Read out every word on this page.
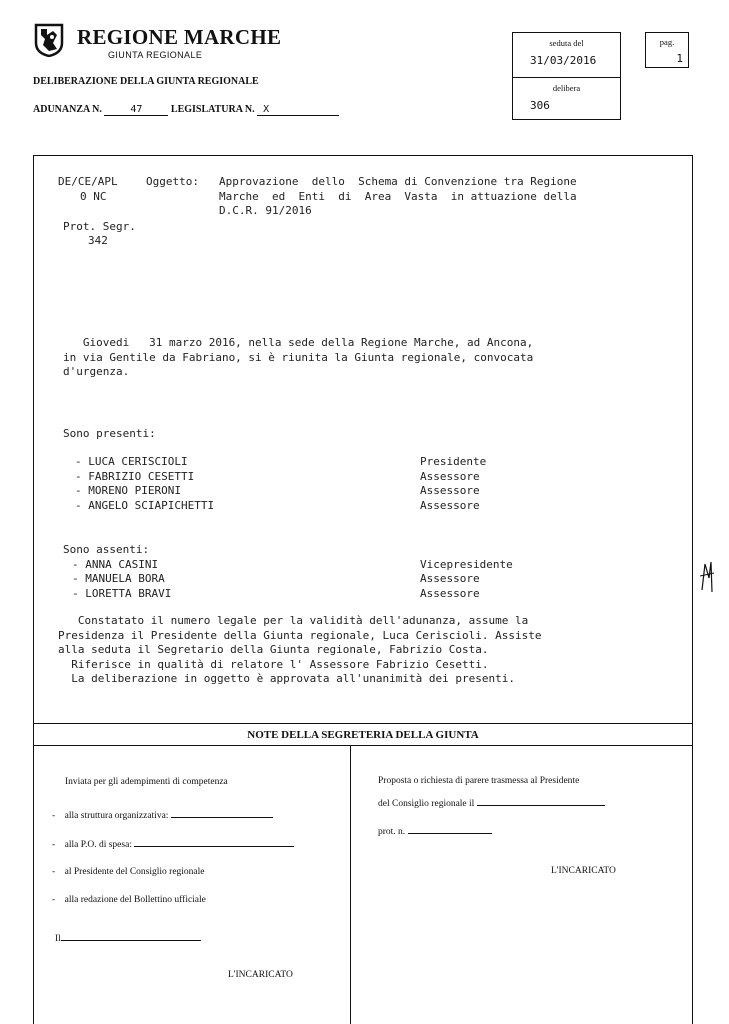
REGIONE MARCHE
GIUNTA REGIONALE
DELIBERAZIONE DELLA GIUNTA REGIONALE
ADUNANZA N.	47	LEGISLATURA N. X
seduta del
31/03/2016
delibera
306
pag.
1
DE/CE/APL
0 NC
Oggetto: Approvazione  dello  Schema di Convenzione tra Regione
Marche  ed  Enti  di  Area  Vasta  in attuazione della
D.C.R. 91/2016
Prot. Segr.
342
Giovedi   31 marzo 2016, nella sede della Regione Marche, ad Ancona,
in via Gentile da Fabriano, si è riunita la Giunta regionale, convocata
d'urgenza.
Sono presenti:
- LUCA CERISCIOLI	Presidente
- FABRIZIO CESETTI	Assessore
- MORENO PIERONI	Assessore
- ANGELO SCIAPICHETTI	Assessore
Sono assenti:
- ANNA CASINI	Vicepresidente
- MANUELA BORA	Assessore
- LORETTA BRAVI	Assessore
Constatato il numero legale per la validità dell'adunanza, assume la
Presidenza il Presidente della Giunta regionale, Luca Ceriscioli. Assiste
alla seduta il Segretario della Giunta regionale, Fabrizio Costa.
Riferisce in qualità di relatore l' Assessore Fabrizio Cesetti.
La deliberazione in oggetto è approvata all'unanimità dei presenti.
NOTE DELLA SEGRETERIA DELLA GIUNTA
Inviata per gli adempimenti di competenza
-    alla struttura organizzativa:
-    alla P.O. di spesa:
-    al Presidente del Consiglio regionale
-    alla redazione del Bollettino ufficiale
Il
L'INCARICATO
Proposta o richiesta di parere trasmessa al Presidente
del Consiglio regionale il
prot. n.
L'INCARICATO
